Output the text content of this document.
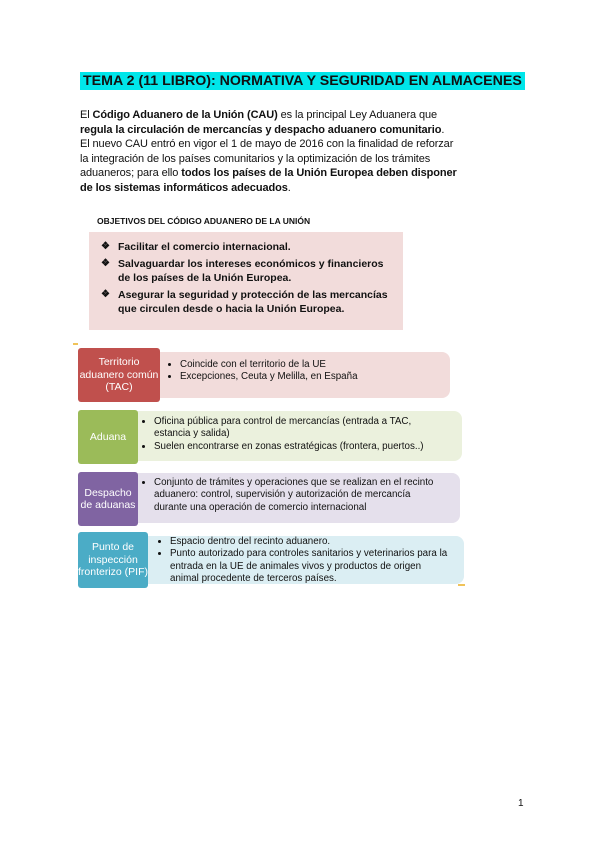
TEMA 2 (11 LIBRO): NORMATIVA Y SEGURIDAD EN ALMACENES

El Código Aduanero de la Unión (CAU) es la principal Ley Aduanera que regula la circulación de mercancías y despacho aduanero comunitario.

El nuevo CAU entró en vigor el 1 de mayo de 2016 con la finalidad de reforzar la integración de los países comunitarios y la optimización de los trámites aduaneros; para ello todos los países de la Unión Europea deben disponer de los sistemas informáticos adecuados.

OBJETIVOS DEL CÓDIGO ADUANERO DE LA UNIÓN
❖ Facilitar el comercio internacional.
❖ Salvaguardar los intereses económicos y financieros de los países de la Unión Europea.
❖ Asegurar la seguridad y protección de las mercancías que circulen desde o hacia la Unión Europea.
• Coincide con el territorio de la UE
• Excepciones, Ceuta y Melilla, en España
Territorio aduanero común (TAC)
• Oficina pública para control de mercancías (entrada a TAC, estancia y salida)
• Suelen encontrarse en zonas estratégicas (frontera, puertos..)
Aduana
• Conjunto de trámites y operaciones que se realizan en el recinto aduanero: control, supervisión y autorización de mercancía durante una operación de comercio internacional
Despacho de aduanas
• Espacio dentro del recinto aduanero.
• Punto autorizado para controles sanitarios y veterinarios para la entrada en la UE de animales vivos y productos de origen animal procedente de terceros países.
Punto de inspección fronterizo (PIF)
1
